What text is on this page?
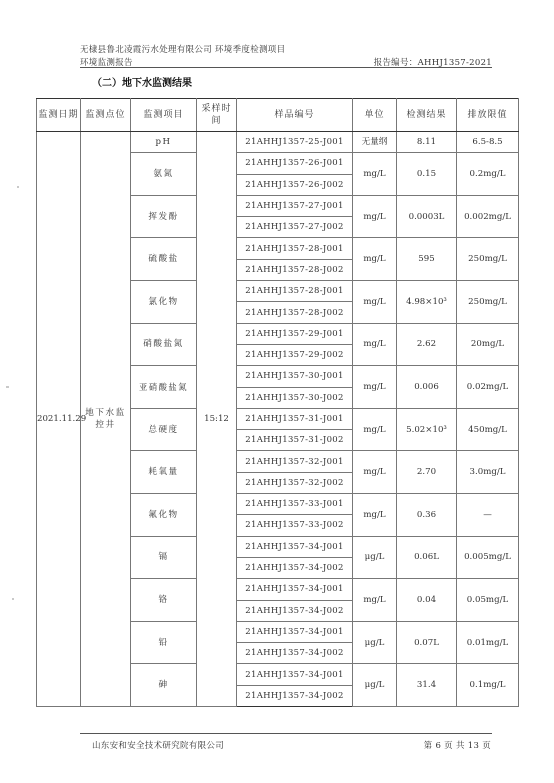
无棣县鲁北凌霞污水处理有限公司 环境季度检测项目
环境监测报告	报告编号：AHHJ1357-2021
（二）地下水监测结果
监测日期	监测点位	监测项目	采样时间	样品编号	单位	检测结果	排放限值
2021.11.29	地下水监控井	pH	15:12	21AHHJ1357-25-J001	无量纲	8.11	6.5-8.5
		氨氮		21AHHJ1357-26-J001	mg/L	0.15	0.2mg/L
				21AHHJ1357-26-J002			
		挥发酚		21AHHJ1357-27-J001	mg/L	0.0003L	0.002mg/L
				21AHHJ1357-27-J002			
		硫酸盐		21AHHJ1357-28-J001	mg/L	595	250mg/L
				21AHHJ1357-28-J002			
		氯化物		21AHHJ1357-28-J001	mg/L	4.98×10³	250mg/L
				21AHHJ1357-28-J002			
		硝酸盐氮		21AHHJ1357-29-J001	mg/L	2.62	20mg/L
				21AHHJ1357-29-J002			
		亚硝酸盐氮		21AHHJ1357-30-J001	mg/L	0.006	0.02mg/L
				21AHHJ1357-30-J002			
		总硬度		21AHHJ1357-31-J001	mg/L	5.02×10³	450mg/L
				21AHHJ1357-31-J002			
		耗氧量		21AHHJ1357-32-J001	mg/L	2.70	3.0mg/L
				21AHHJ1357-32-J002			
		氟化物		21AHHJ1357-33-J001	mg/L	0.36	—
				21AHHJ1357-33-J002			
		镉		21AHHJ1357-34-J001	μg/L	0.06L	0.005mg/L
				21AHHJ1357-34-J002			
		铬		21AHHJ1357-34-J001	mg/L	0.04	0.05mg/L
				21AHHJ1357-34-J002			
		铅		21AHHJ1357-34-J001	μg/L	0.07L	0.01mg/L
				21AHHJ1357-34-J002			
		砷		21AHHJ1357-34-J001	μg/L	31.4	0.1mg/L
				21AHHJ1357-34-J002			
山东安和安全技术研究院有限公司	第 6 页 共 13 页
